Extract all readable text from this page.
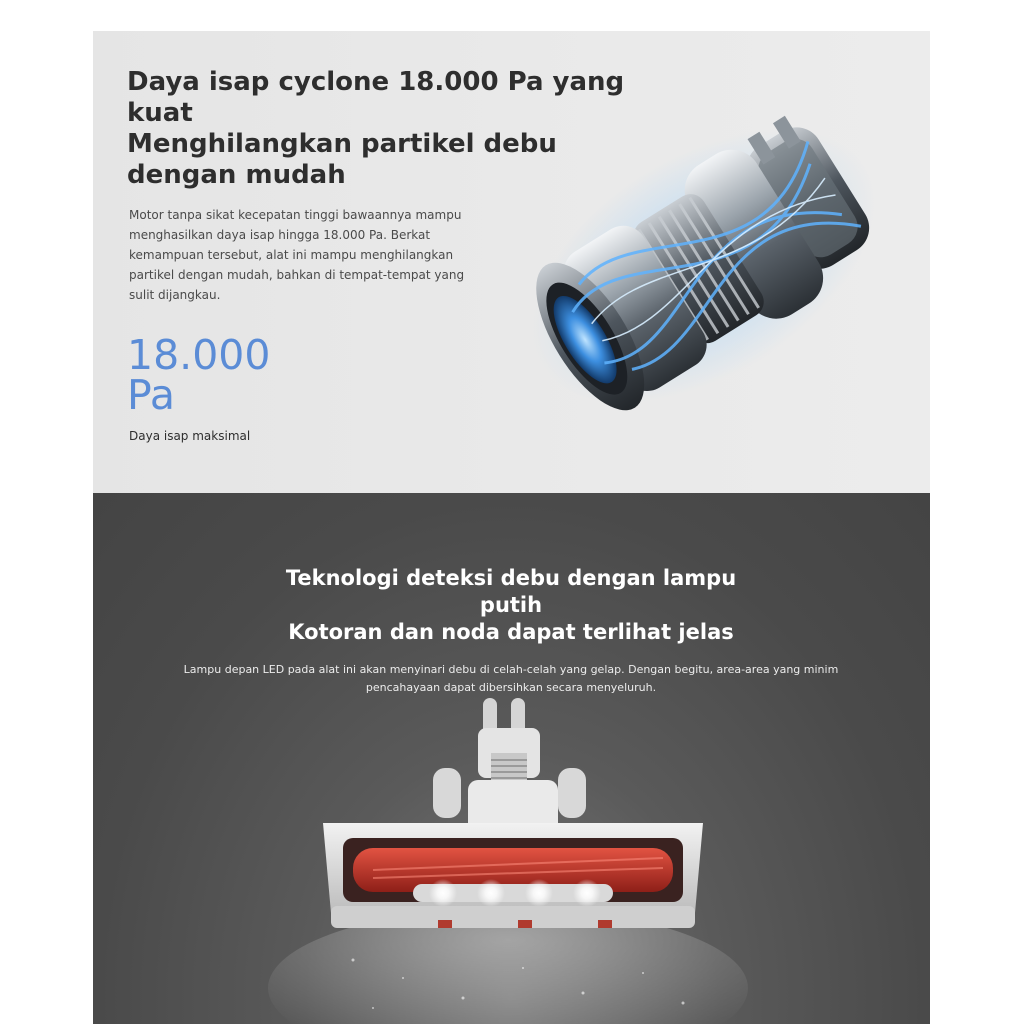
Daya isap cyclone 18.000 Pa yang
kuat
Menghilangkan partikel debu
dengan mudah

Motor tanpa sikat kecepatan tinggi bawaannya mampu menghasilkan daya isap hingga 18.000 Pa. Berkat kemampuan tersebut, alat ini mampu menghilangkan partikel dengan mudah, bahkan di tempat-tempat yang sulit dijangkau.

18.000
Pa

Daya isap maksimal

Teknologi deteksi debu dengan lampu
putih
Kotoran dan noda dapat terlihat jelas

Lampu depan LED pada alat ini akan menyinari debu di celah-celah yang gelap. Dengan begitu, area-area yang minim pencahayaan dapat dibersihkan secara menyeluruh.
